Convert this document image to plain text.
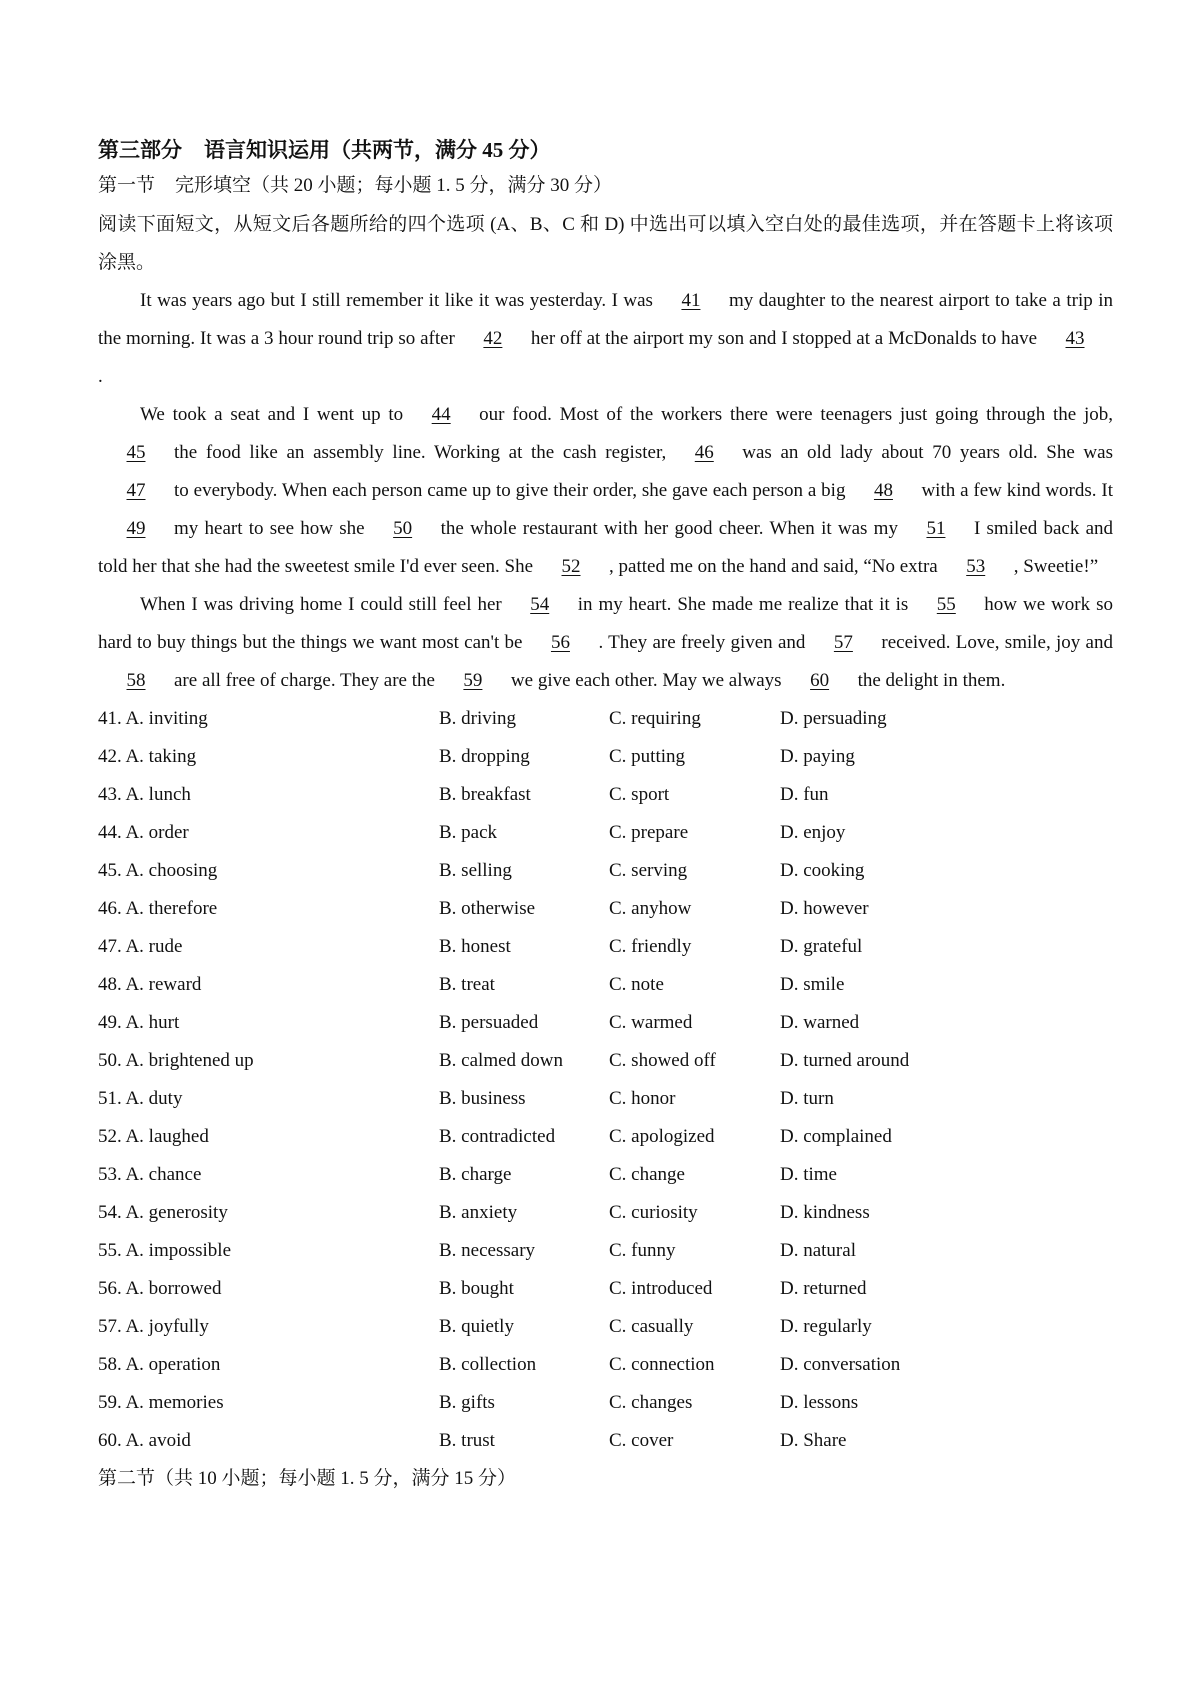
第三部分 语言知识运用（共两节，满分 45 分）
第一节 完形填空（共 20 小题；每小题 1. 5 分，满分 30 分）
阅读下面短文，从短文后各题所给的四个选项 (A、B、C 和 D) 中选出可以填入空白处的最佳选项，并在答题卡上将该项涂黑。

It was years ago but I still remember it like it was yesterday. I was 41 my daughter to the nearest airport to take a trip in the morning. It was a 3 hour round trip so after 42 her off at the airport my son and I stopped at a McDonalds to have 43.

We took a seat and I went up to 44 our food. Most of the workers there were teenagers just going through the job,45 the food like an assembly line. Working at the cash register, 46 was an old lady about 70 years old. She was47 to everybody. When each person came up to give their order, she gave each person a big 48 with a few kind words. It49 my heart to see how she 50 the whole restaurant with her good cheer. When it was my 51 I smiled back and told her that she had the sweetest smile I'd ever seen. She 52 , patted me on the hand and said, “No extra 53 , Sweetie!”

When I was driving home I could still feel her 54 in my heart. She made me realize that it is 55 how we work so hard to buy things but the things we want most can't be 56 . They are freely given and 57 received. Love, smile, joy and58 are all free of charge. They are the 59 we give each other. May we always 60 the delight in them.

41. A. inviting	B. driving	C. requiring	D. persuading
42. A. taking	B. dropping	C. putting	D. paying
43. A. lunch	B. breakfast	C. sport	D. fun
44. A. order	B. pack	C. prepare	D. enjoy
45. A. choosing	B. selling	C. serving	D. cooking
46. A. therefore	B. otherwise	C. anyhow	D. however
47. A. rude	B. honest	C. friendly	D. grateful
48. A. reward	B. treat	C. note	D. smile
49. A. hurt	B. persuaded	C. warmed	D. warned
50. A. brightened up	B. calmed down C. showed off	D. turned around
51. A. duty	B. business	C. honor	D. turn
52. A. laughed	B. contradicted	C. apologized	D. complained
53. A. chance	B. charge	C. change	D. time
54. A. generosity	B. anxiety	C. curiosity	D. kindness
55. A. impossible	B. necessary	C. funny	D. natural
56. A. borrowed	B. bought	C. introduced	D. returned
57. A. joyfully	B. quietly	C. casually	D. regularly
58. A. operation	B. collection	C. connection	D. conversation
59. A. memories	B. gifts	C. changes	D. lessons
60. A. avoid	B. trust	C. cover	D. Share
第二节（共 10 小题；每小题 1. 5 分，满分 15 分）
